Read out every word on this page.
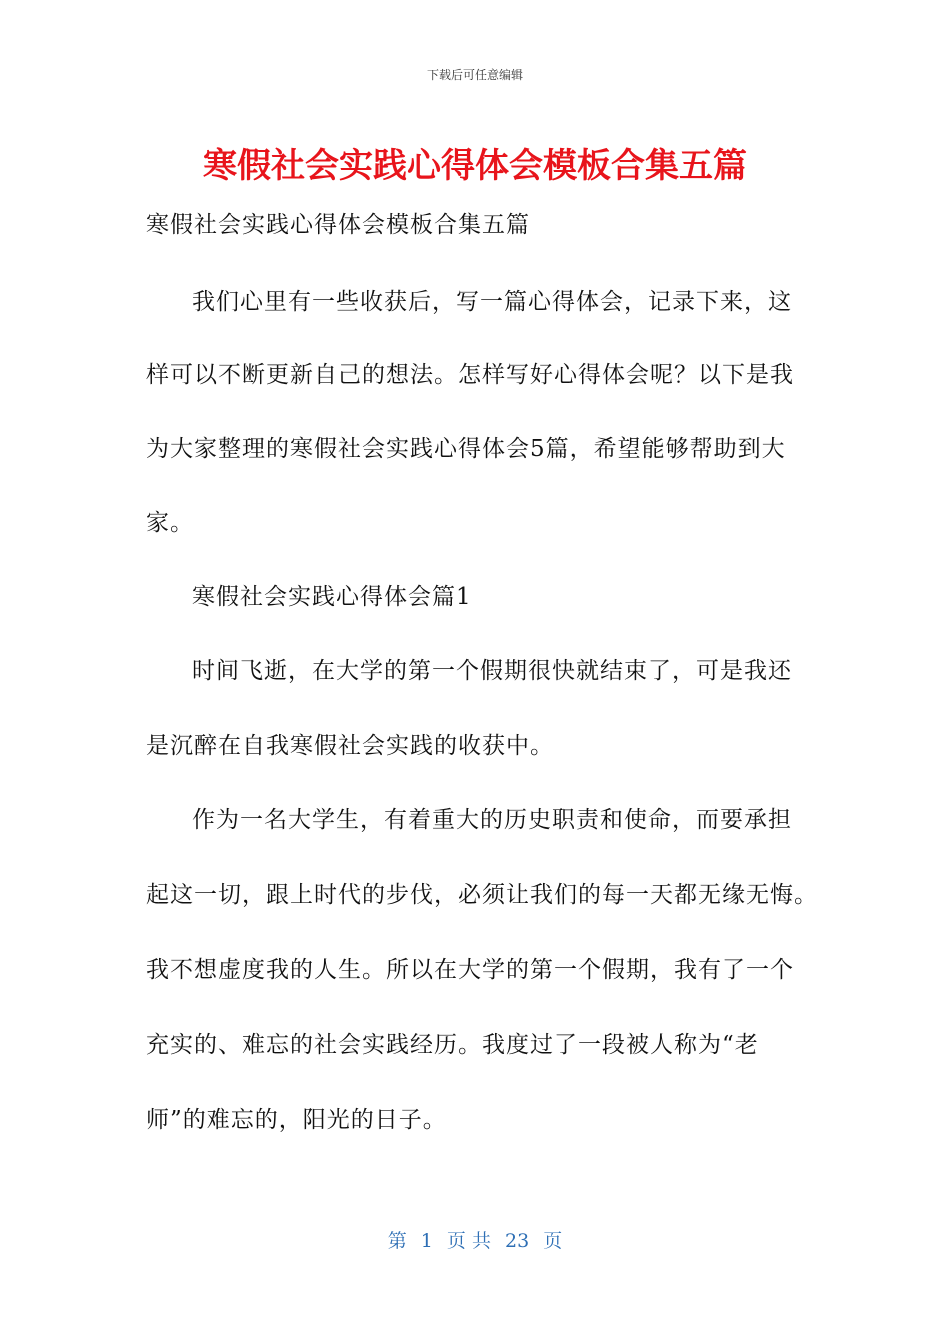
下载后可任意编辑
寒假社会实践心得体会模板合集五篇
寒假社会实践心得体会模板合集五篇
我们心里有一些收获后，写一篇心得体会，记录下来，这
样可以不断更新自己的想法。怎样写好心得体会呢？以下是我
为大家整理的寒假社会实践心得体会5篇，希望能够帮助到大
家。
寒假社会实践心得体会篇1
时间飞逝，在大学的第一个假期很快就结束了，可是我还
是沉醉在自我寒假社会实践的收获中。
作为一名大学生，有着重大的历史职责和使命，而要承担
起这一切，跟上时代的步伐，必须让我们的每一天都无缘无悔。
我不想虚度我的人生。所以在大学的第一个假期，我有了一个
充实的、难忘的社会实践经历。我度过了一段被人称为“老
师”的难忘的，阳光的日子。
第 1 页 共 23 页
